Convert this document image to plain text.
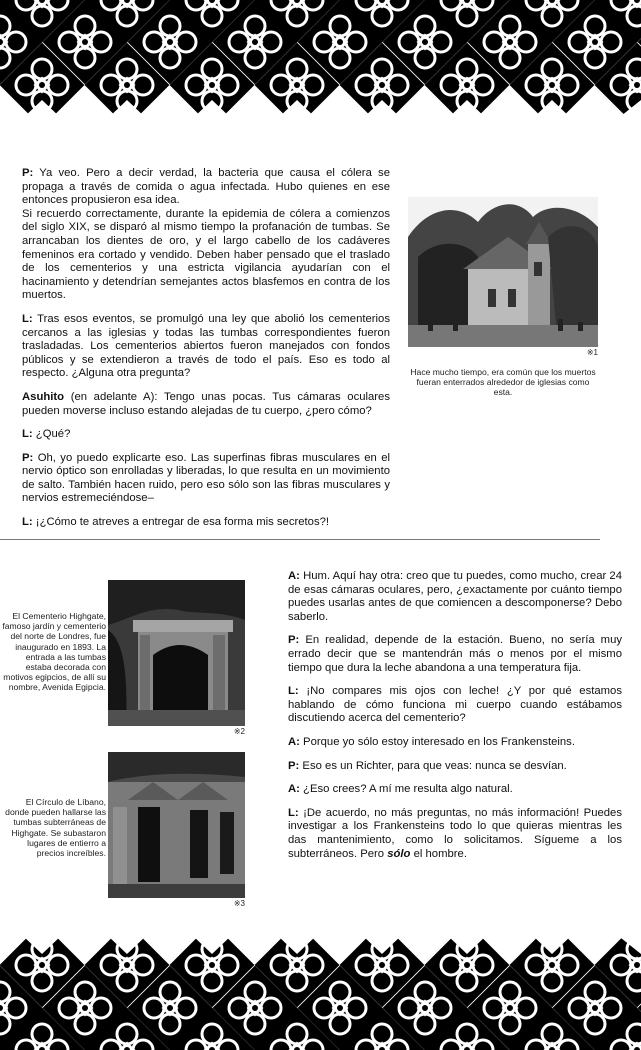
P: Ya veo. Pero a decir verdad, la bacteria que causa el cólera se propaga a través de comida o agua infectada. Hubo quienes en ese entonces propusieron esa idea.
Si recuerdo correctamente, durante la epidemia de cólera a comienzos del siglo XIX, se disparó al mismo tiempo la profanación de tumbas. Se arrancaban los dientes de oro, y el largo cabello de los cadáveres femeninos era cortado y vendido. Deben haber pensado que el traslado de los cementerios y una estricta vigilancia ayudarían con el hacinamiento y detendrían semejantes actos blasfemos en contra de los muertos.

L: Tras esos eventos, se promulgó una ley que abolió los cementerios cercanos a las iglesias y todas las tumbas correspondientes fueron trasladadas. Los cementerios abiertos fueron manejados con fondos públicos y se extendieron a través de todo el país. Eso es todo al respecto. ¿Alguna otra pregunta?

Asuhito (en adelante A): Tengo unas pocas. Tus cámaras oculares pueden moverse incluso estando alejadas de tu cuerpo, ¿pero cómo?

L: ¿Qué?

P: Oh, yo puedo explicarte eso. Las superfinas fibras musculares en el nervio óptico son enrolladas y liberadas, lo que resulta en un movimiento de salto. También hacen ruido, pero eso sólo son las fibras musculares y nervios estremeciéndose–

L: ¡¿Cómo te atreves a entregar de esa forma mis secretos?!

※1
Hace mucho tiempo, era común que los muertos fueran enterrados alrededor de iglesias como esta.
El Cementerio Highgate, famoso jardín y cementerio del norte de Londres, fue inaugurado en 1893. La entrada a las tumbas estaba decorada con motivos egipcios, de allí su nombre, Avenida Egipcia.
※2
El Círculo de Líbano, donde pueden hallarse las tumbas subterráneas de Highgate. Se subastaron lugares de entierro a precios increíbles.
※3

A: Hum. Aquí hay otra: creo que tu puedes, como mucho, crear 24 de esas cámaras oculares, pero, ¿exactamente por cuánto tiempo puedes usarlas antes de que comiencen a descomponerse? Debo saberlo.

P: En realidad, depende de la estación. Bueno, no sería muy errado decir que se mantendrán más o menos por el mismo tiempo que dura la leche abandona a una temperatura fija.

L: ¡No compares mis ojos con leche! ¿Y por qué estamos hablando de cómo funciona mi cuerpo cuando estábamos discutiendo acerca del cementerio?

A: Porque yo sólo estoy interesado en los Frankensteins.

P: Eso es un Richter, para que veas: nunca se desvían.

A: ¿Eso crees? A mí me resulta algo natural.

L: ¡De acuerdo, no más preguntas, no más información! Puedes investigar a los Frankensteins todo lo que quieras mientras les das mantenimiento, como lo solicitamos. Sígueme a los subterráneos. Pero sólo el hombre.
